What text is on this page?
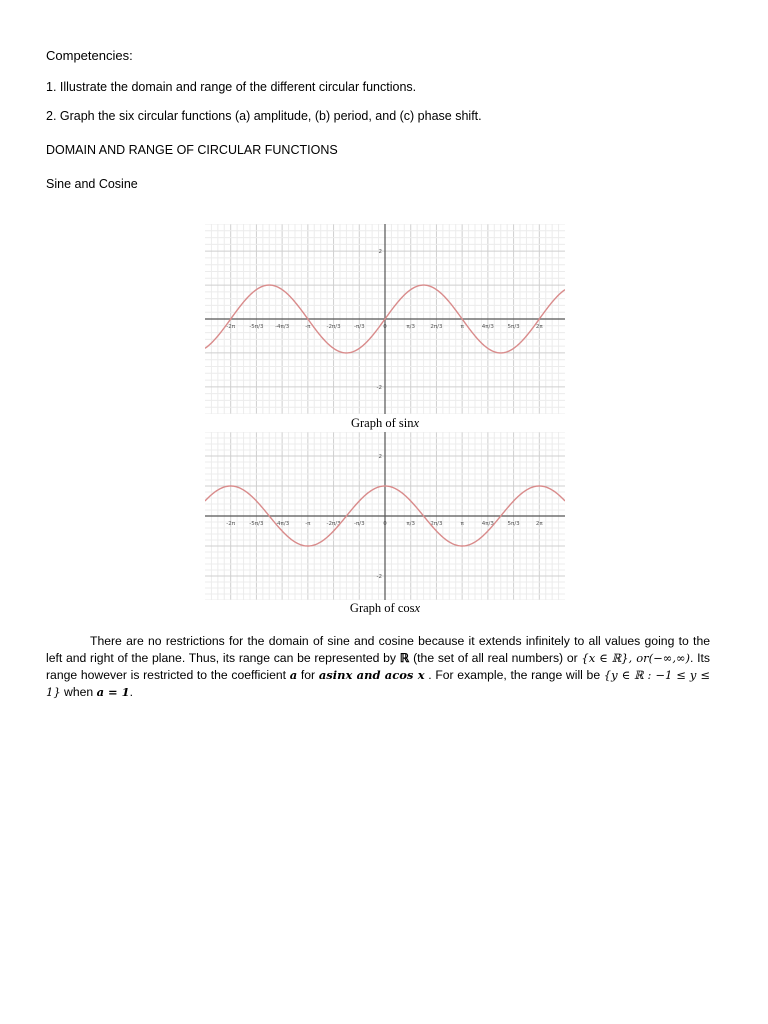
Competencies:
1. Illustrate the domain and range of the different circular functions.
2. Graph the six circular functions (a) amplitude, (b) period, and (c) phase shift.
DOMAIN AND RANGE OF CIRCULAR FUNCTIONS
Sine and Cosine
-2π	-5π/3 -4π/3	-π	-2π/3 -π/3	0	π/3	2π/3	π	4π/3 5π/3	2π
2
-2
Graph of sinx
-2π	-5π/3 -4π/3	-π	-2π/3 -π/3	0	π/3	2π/3	π	4π/3 5π/3	2π
2
-2
Graph of cosx
There are no restrictions for the domain of sine and cosine because it extends infinitely to all values going to the left and right of the plane. Thus, its range can be represented by ℝ (the set of all real numbers) or {x ∈ ℝ}, or(−∞,∞). Its range however is restricted to the coefficient a for asinx and acos x . For example, the range will be {y ∈ ℝ : −1 ≤ y ≤ 1} when a = 1.
